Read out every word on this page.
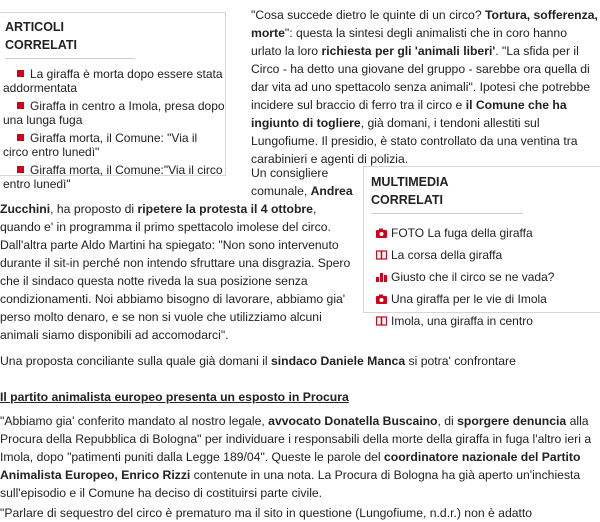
ARTICOLI CORRELATI
La giraffa è morta dopo essere stata addormentata
Giraffa in centro a Imola, presa dopo una lunga fuga
Giraffa morta, il Comune: "Via il circo entro lunedì"
Giraffa morta, il Comune:"Via il circo entro lunedì"	MULTIMEDIA CORRELATI
FOTO La fuga della giraffa
La corsa della giraffa
Giusto che il circo se ne vada?
Una giraffa per le vie di Imola
Imola, una giraffa in centro

"Cosa succede dietro le quinte di un circo? Tortura, sofferenza, morte": questa la sintesi degli animalisti che in coro hanno urlato la loro richiesta per gli 'animali liberi'. "La sfida per il Circo - ha detto una giovane del gruppo - sarebbe ora quella di dar vita ad uno spettacolo senza animali". Ipotesi che potrebbe incidere sul braccio di ferro tra il circo e il Comune che ha ingiunto di togliere, già domani, i tendoni allestiti sul Lungofiume. Il presidio, è stato controllato da una ventina tra carabinieri e agenti di polizia.

Un consigliere comunale, Andrea

Zucchini, ha proposto di ripetere la protesta il 4 ottobre, quando e' in programma il primo spettacolo imolese del circo. Dall'altra parte Aldo Martini ha spiegato: "Non sono intervenuto durante il sit-in perché non intendo sfruttare una disgrazia. Spero che il sindaco questa notte riveda la sua posizione senza condizionamenti. Noi abbiamo bisogno di lavorare, abbiamo gia' perso molto denaro, e se non si vuole che utilizziamo alcuni animali siamo disponibili ad accomodarci".

Una proposta conciliante sulla quale già domani il sindaco Daniele Manca si potra' confrontare

Il partito animalista europeo presenta un esposto in Procura

"Abbiamo gia' conferito mandato al nostro legale, avvocato Donatella Buscaino, di sporgere denuncia alla Procura della Repubblica di Bologna" per individuare i responsabili della morte della giraffa in fuga l'altro ieri a Imola, dopo "patimenti puniti dalla Legge 189/04". Queste le parole del coordinatore nazionale del Partito Animalista Europeo, Enrico Rizzi contenute in una nota. La Procura di Bologna ha già aperto un'inchiesta sull'episodio e il Comune ha deciso di costituirsi parte civile.

"Parlare di sequestro del circo è prematuro ma il sito in questione (Lungofiume, n.d.r.) non è adatto
